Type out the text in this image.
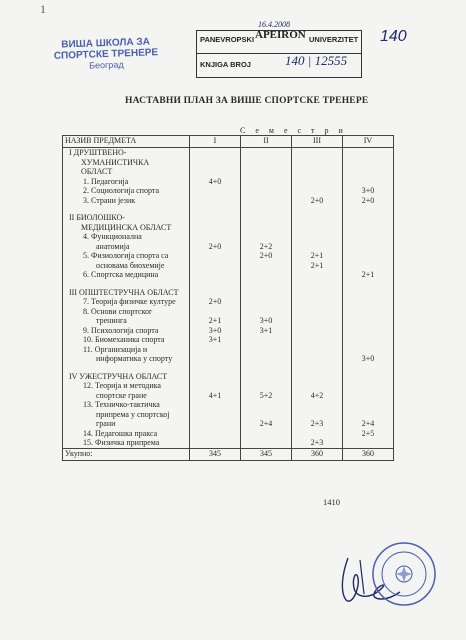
1
ВИША ШКОЛА ЗА
СПОРТСКЕ ТРЕНЕРЕ
Београд
PANEVROPSKI APEIRON UNIVERZITET
KNJIGA BROJ	140 | 12555
16.4.2008
140
НАСТАВНИ ПЛАН ЗА ВИШЕ СПОРТСКЕ ТРЕНЕРЕ
С е м е с т р и
НАЗИВ ПРЕДМЕТА	I	II	III	IV
I ДРУШТВЕНО-				
ХУМАНИСТИЧКА				
ОБЛАСТ				
1. Педагогија	4+0			
2. Социологија спорта				3+0
3. Страни језик			2+0	2+0

II БИОЛОШКО-				
МЕДИЦИНСКА ОБЛАСТ				
4. Функционална				
анатомија	2+0	2+2		
5. Физиологија спорта са		2+0	2+1	
основама биохемије			2+1	
6. Спортска медицина				2+1

III ОПШТЕСТРУЧНА ОБЛАСТ				
7. Теорија физичке културе	2+0			
8. Основи спортског				
тренинга	2+1	3+0		
9. Психологија спорта	3+0	3+1		
10. Биомеханика спорта	3+1			
11. Организација и				
информатика у спорту				3+0

IV УЖЕСТРУЧНА ОБЛАСТ				
12. Теорија и методика				
спортске гране	4+1	5+2	4+2	
13. Техничко-тактичка				
припрема у спортској				
грани		2+4	2+3	2+4
14. Педагошка пракса				2+5
15. Физичка припрема			2+3	
Укупно:	345	345	360	360
1410
